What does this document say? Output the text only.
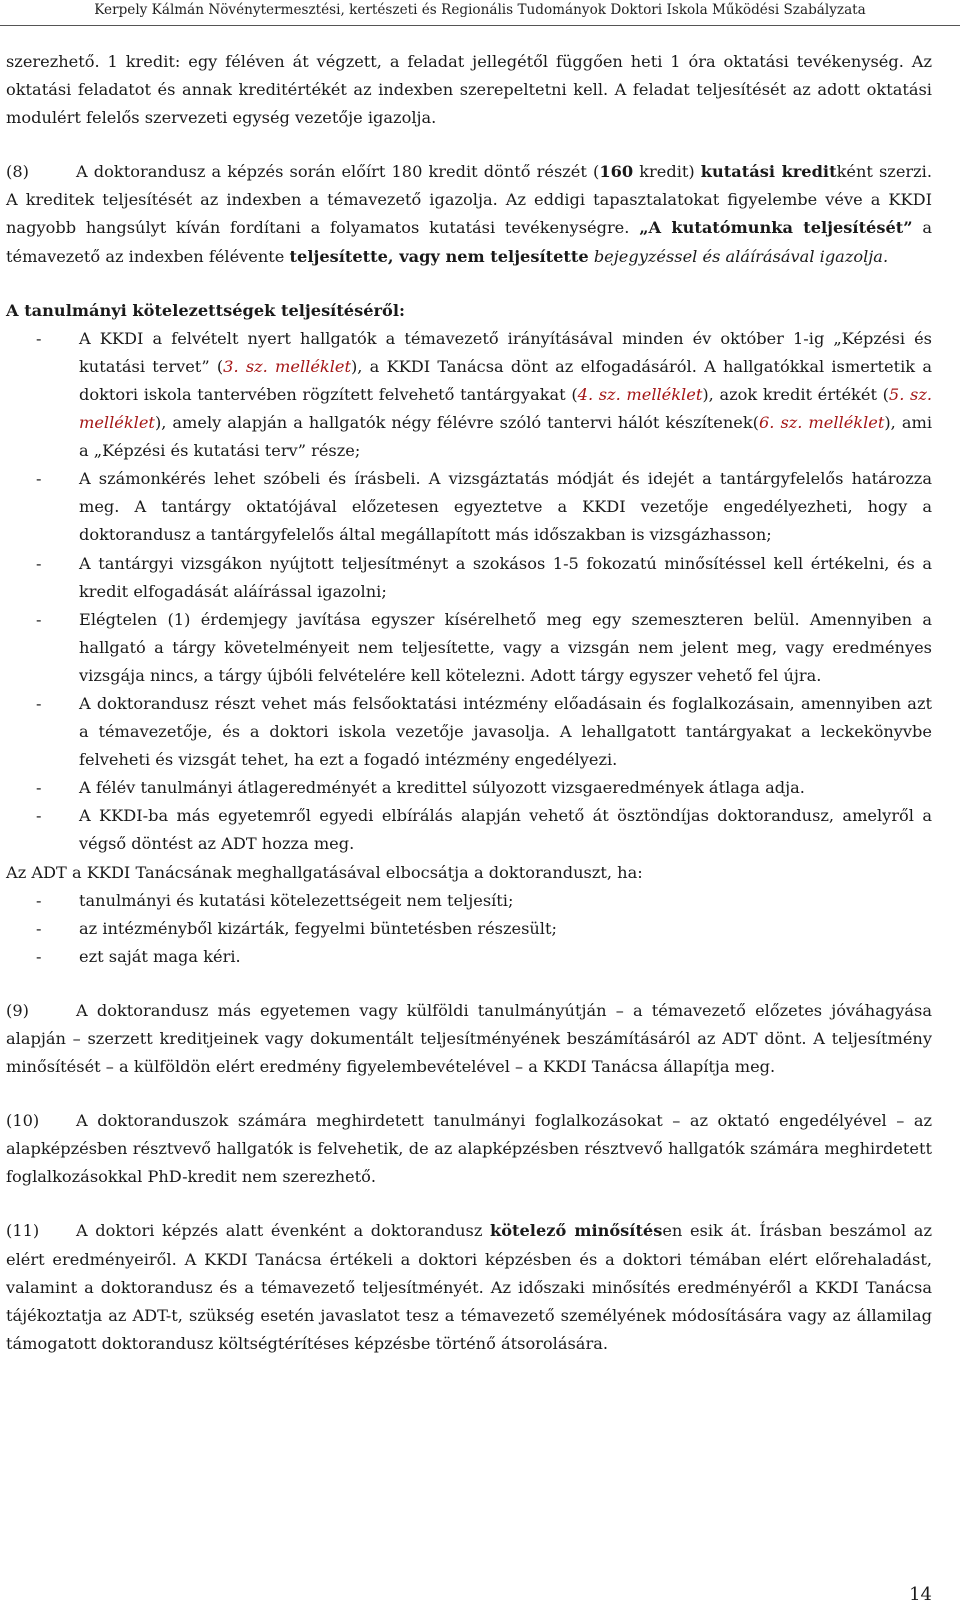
Kerpely Kálmán Növénytermesztési, kertészeti és Regionális Tudományok Doktori Iskola Működési Szabályzata

szerezhető. 1 kredit: egy féléven át végzett, a feladat jellegétől függően heti 1 óra oktatási tevékenység. Az oktatási feladatot és annak kreditértékét az indexben szerepeltetni kell. A feladat teljesítését az adott oktatási modulért felelős szervezeti egység vezetője igazolja.

(8)	A doktorandusz a képzés során előírt 180 kredit döntő részét (160 kredit) kutatási kreditként szerzi. A kreditek teljesítését az indexben a témavezető igazolja. Az eddigi tapasztalatokat figyelembe véve a KKDI nagyobb hangsúlyt kíván fordítani a folyamatos kutatási tevékenységre. „A kutatómunka teljesítését” a témavezető az indexben félévente teljesítette, vagy nem teljesítette bejegyzéssel és aláírásával igazolja.

A tanulmányi kötelezettségek teljesítéséről:

- A KKDI a felvételt nyert hallgatók a témavezető irányításával minden év október 1-ig „Képzési és kutatási tervet” (3. sz. melléklet), a KKDI Tanácsa dönt az elfogadásáról. A hallgatókkal ismertetik a doktori iskola tantervében rögzített felvehető tantárgyakat (4. sz. melléklet), azok kredit értékét (5. sz. melléklet), amely alapján a hallgatók négy félévre szóló tantervi hálót készítenek(6. sz. melléklet), ami a „Képzési és kutatási terv” része;
- A számonkérés lehet szóbeli és írásbeli. A vizsgáztatás módját és idejét a tantárgyfelelős határozza meg. A tantárgy oktatójával előzetesen egyeztetve a KKDI vezetője engedélyezheti, hogy a doktorandusz a tantárgyfelelős által megállapított más időszakban is vizsgázhasson;
- A tantárgyi vizsgákon nyújtott teljesítményt a szokásos 1-5 fokozatú minősítéssel kell értékelni, és a kredit elfogadását aláírással igazolni;
- Elégtelen (1) érdemjegy javítása egyszer kísérelhető meg egy szemeszteren belül. Amennyiben a hallgató a tárgy követelményeit nem teljesítette, vagy a vizsgán nem jelent meg, vagy eredményes vizsgája nincs, a tárgy újbóli felvételére kell kötelezni. Adott tárgy egyszer vehető fel újra.
- A doktorandusz részt vehet más felsőoktatási intézmény előadásain és foglalkozásain, amennyiben azt a témavezetője, és a doktori iskola vezetője javasolja. A lehallgatott tantárgyakat a leckekönyvbe felveheti és vizsgát tehet, ha ezt a fogadó intézmény engedélyezi.
- A félév tanulmányi átlageredményét a kredittel súlyozott vizsgaeredmények átlaga adja.
- A KKDI-ba más egyetemről egyedi elbírálás alapján vehető át ösztöndíjas doktorandusz, amelyről a végső döntést az ADT hozza meg.

Az ADT a KKDI Tanácsának meghallgatásával elbocsátja a doktoranduszt, ha:

- tanulmányi és kutatási kötelezettségeit nem teljesíti;
- az intézményből kizárták, fegyelmi büntetésben részesült;
- ezt saját maga kéri.

(9)	A doktorandusz más egyetemen vagy külföldi tanulmányútján – a témavezető előzetes jóváhagyása alapján – szerzett kreditjeinek vagy dokumentált teljesítményének beszámításáról az ADT dönt. A teljesítmény minősítését – a külföldön elért eredmény figyelembevételével – a KKDI Tanácsa állapítja meg.

(10) A doktoranduszok számára meghirdetett tanulmányi foglalkozásokat – az oktató engedélyével – az alapképzésben résztvevő hallgatók is felvehetik, de az alapképzésben résztvevő hallgatók számára meghirdetett foglalkozásokkal PhD-kredit nem szerezhető.

(11) A doktori képzés alatt évenként a doktorandusz kötelező minősítésen esik át. Írásban beszámol az elért eredményeiről. A KKDI Tanácsa értékeli a doktori képzésben és a doktori témában elért előrehaladást, valamint a doktorandusz és a témavezető teljesítményét. Az időszaki minősítés eredményéről a KKDI Tanácsa tájékoztatja az ADT-t, szükség esetén javaslatot tesz a témavezető személyének módosítására vagy az államilag támogatott doktorandusz költségtérítéses képzésbe történő átsorolására.

14
